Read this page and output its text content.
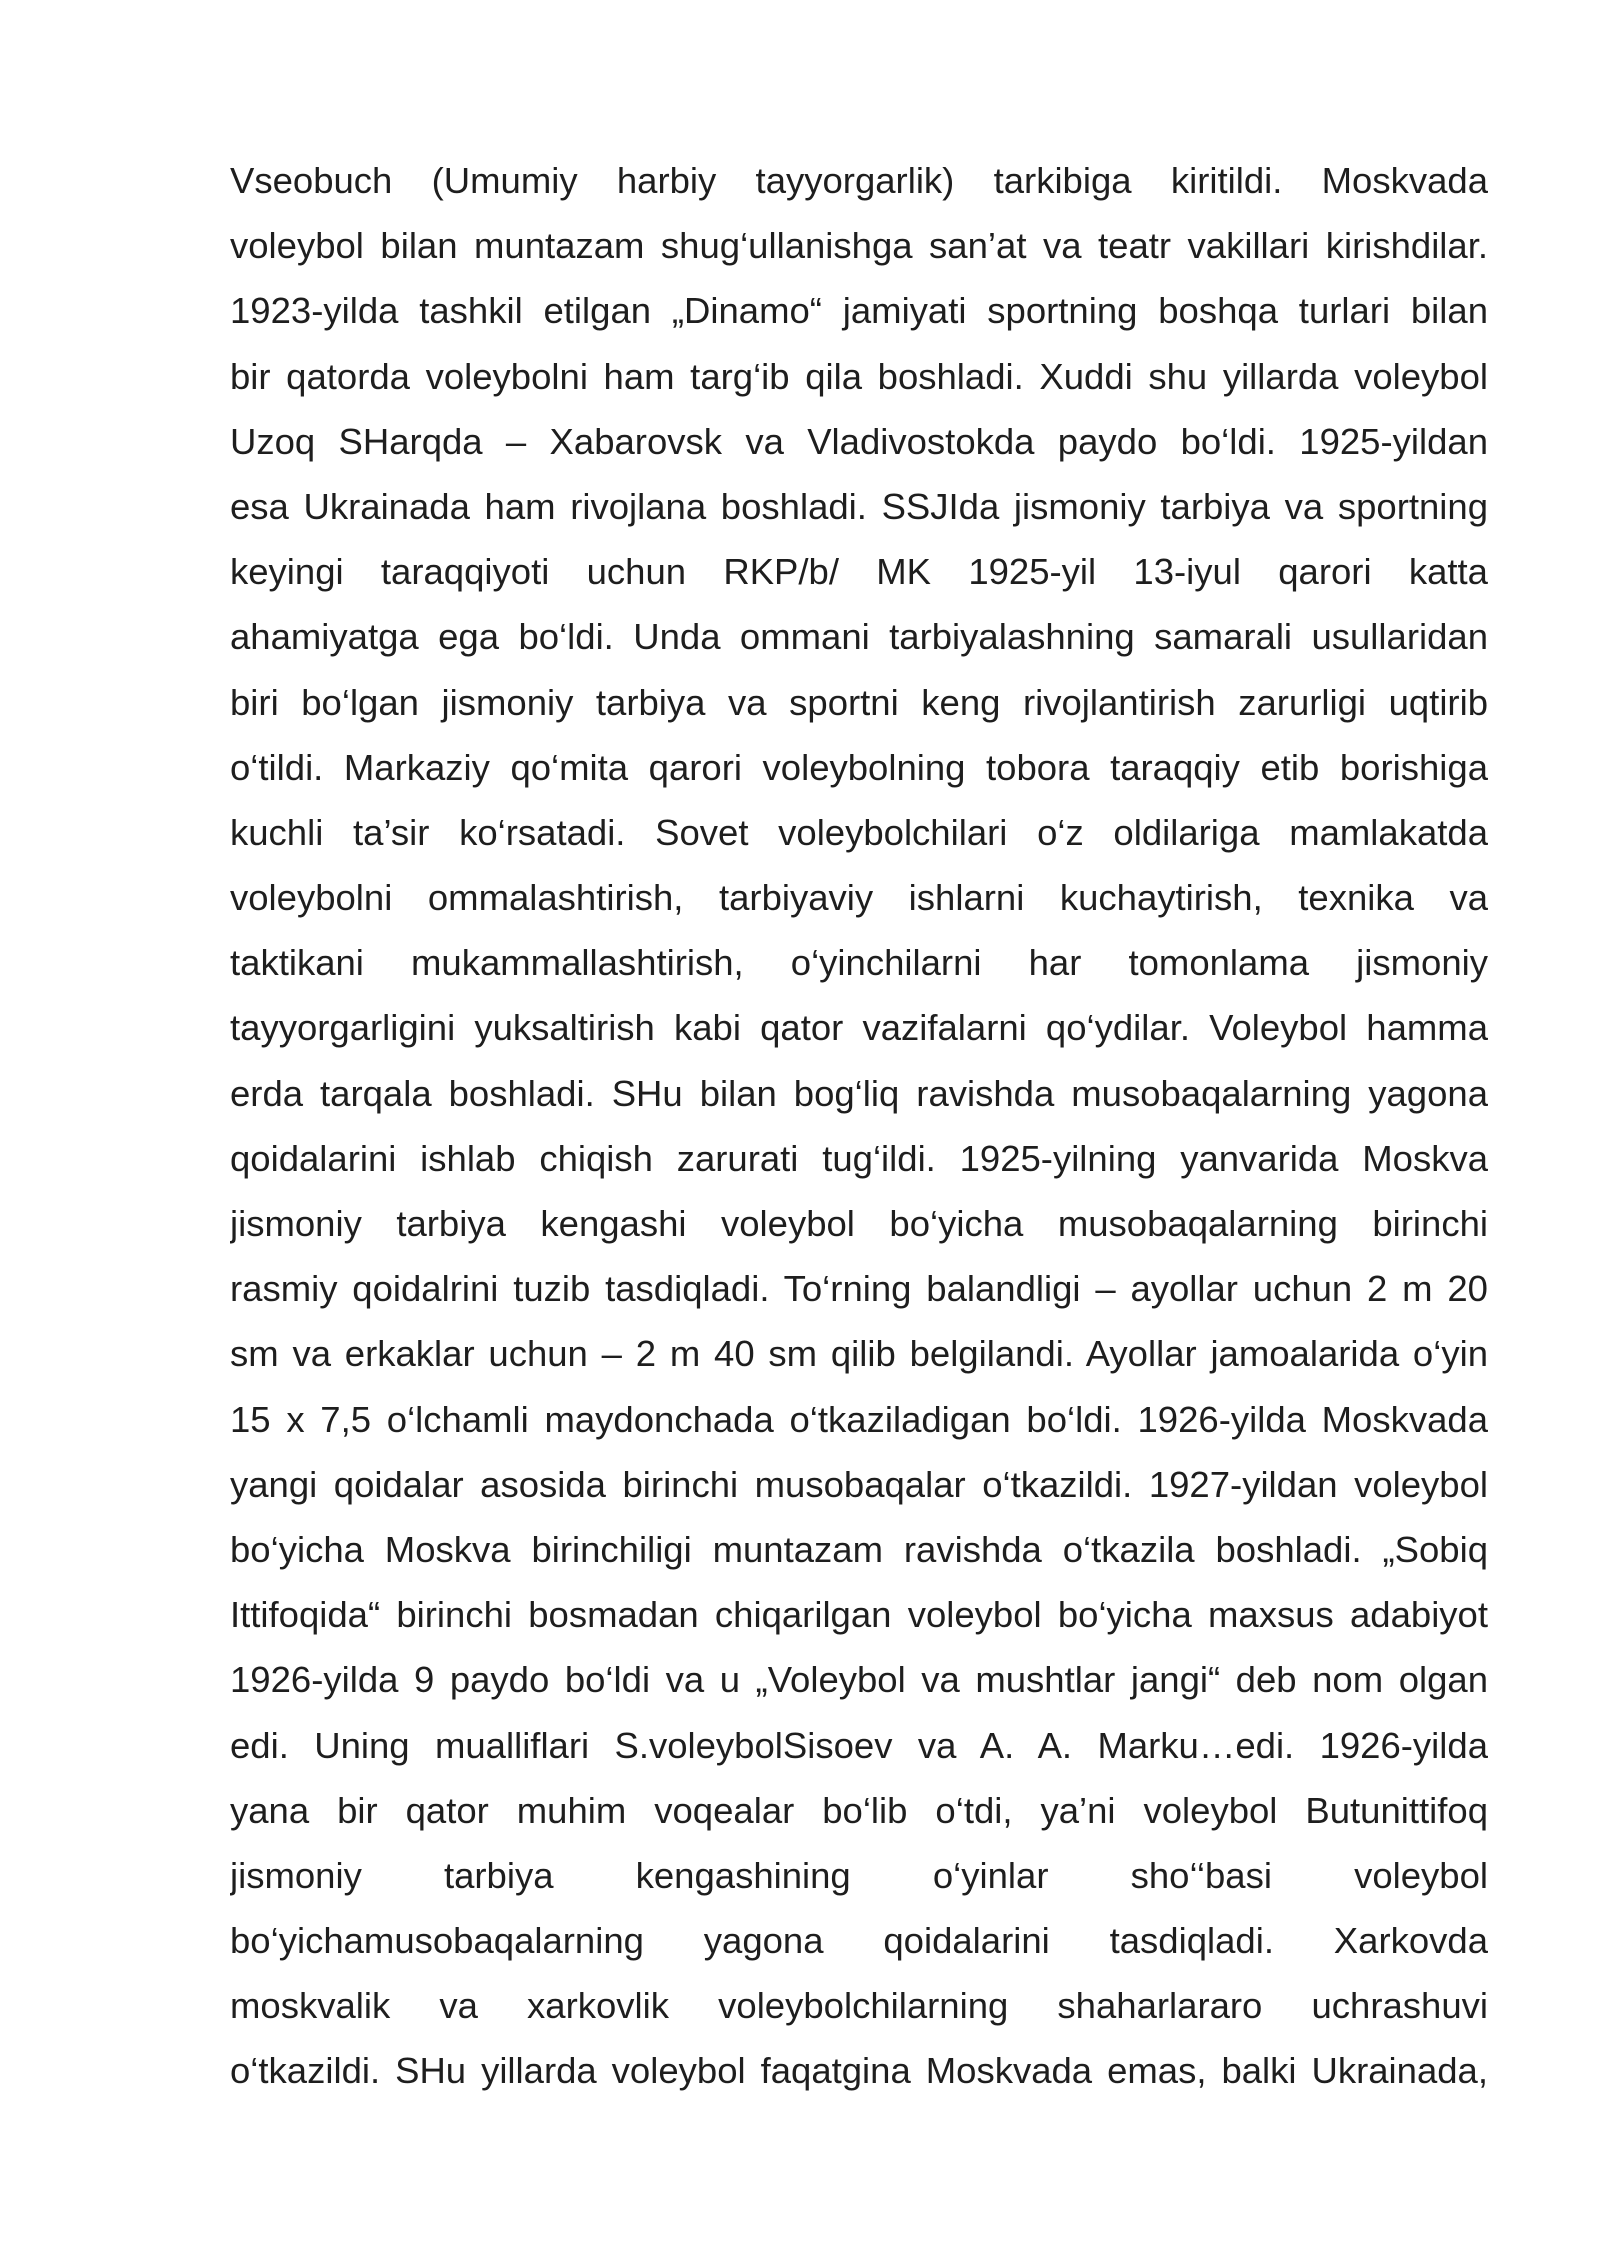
Vseobuch (Umumiy harbiy tayyorgarlik) tarkibiga kiritildi. Moskvada
voleybol bilan muntazam shug‘ullanishga san’at va teatr vakillari kirishdilar.
1923-yilda tashkil etilgan „Dinamo“ jamiyati sportning boshqa turlari bilan
bir qatorda voleybolni ham targ‘ib qila boshladi. Xuddi shu yillarda voleybol
Uzoq SHarqda – Xabarovsk va Vladivostokda paydo bo‘ldi. 1925-yildan
esa Ukrainada ham rivojlana boshladi. SSJIda jismoniy tarbiya va sportning
keyingi taraqqiyoti uchun RKP/b/ MK 1925-yil 13-iyul qarori katta
ahamiyatga ega bo‘ldi. Unda ommani tarbiyalashning samarali usullaridan
biri bo‘lgan jismoniy tarbiya va sportni keng rivojlantirish zarurligi uqtirib
o‘tildi. Markaziy qo‘mita qarori voleybolning tobora taraqqiy etib borishiga
kuchli ta’sir ko‘rsatadi. Sovet voleybolchilari o‘z oldilariga mamlakatda
voleybolni ommalashtirish, tarbiyaviy ishlarni kuchaytirish, texnika va
taktikani mukammallashtirish, o‘yinchilarni har tomonlama jismoniy
tayyorgarligini yuksaltirish kabi qator vazifalarni qo‘ydilar. Voleybol hamma
erda tarqala boshladi. SHu bilan bog‘liq ravishda musobaqalarning yagona
qoidalarini ishlab chiqish zarurati tug‘ildi. 1925-yilning yanvarida Moskva
jismoniy tarbiya kengashi voleybol bo‘yicha musobaqalarning birinchi
rasmiy qoidalrini tuzib tasdiqladi. To‘rning balandligi – ayollar uchun 2 m 20
sm va erkaklar uchun – 2 m 40 sm qilib belgilandi. Ayollar jamoalarida o‘yin
15 x 7,5 o‘lchamli maydonchada o‘tkaziladigan bo‘ldi. 1926-yilda Moskvada
yangi qoidalar asosida birinchi musobaqalar o‘tkazildi. 1927-yildan voleybol
bo‘yicha Moskva birinchiligi muntazam ravishda o‘tkazila boshladi. „Sobiq
Ittifoqida“ birinchi bosmadan chiqarilgan voleybol bo‘yicha maxsus adabiyot
1926-yilda 9 paydo bo‘ldi va u „Voleybol va mushtlar jangi“ deb nom olgan
edi. Uning mualliflari S.voleybolSisoev va A. A. Marku…edi. 1926-yilda
yana bir qator muhim voqealar bo‘lib o‘tdi, ya’ni voleybol Butunittifoq
jismoniy tarbiya kengashining o‘yinlar sho‘‘basi voleybol
bo‘yichamusobaqalarning yagona qoidalarini tasdiqladi. Xarkovda
moskvalik va xarkovlik voleybolchilarning shaharlararo uchrashuvi
o‘tkazildi. SHu yillarda voleybol faqatgina Moskvada emas, balki Ukrainada,
